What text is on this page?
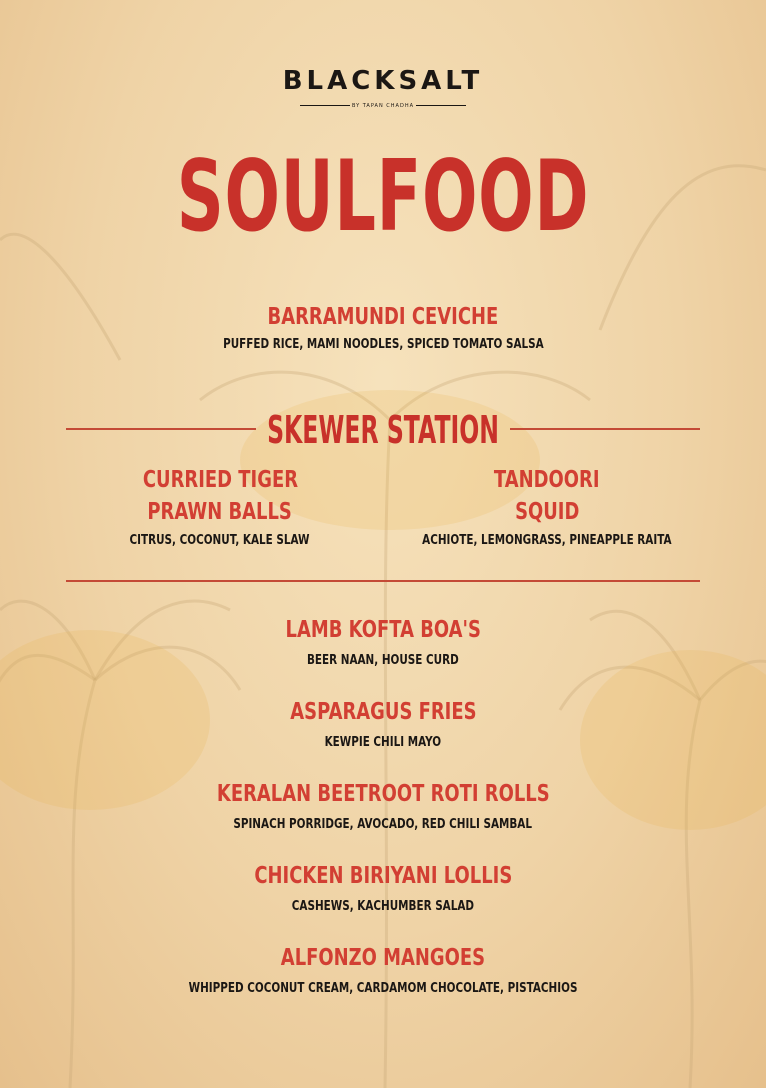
BLACKSALT
BY TAPAN CHADHA
SOULFOOD
BARRAMUNDI CEVICHE
PUFFED RICE, MAMI NOODLES, SPICED TOMATO SALSA
SKEWER STATION
CURRIED TIGER
PRAWN BALLS
CITRUS, COCONUT, KALE SLAW
TANDOORI
SQUID
ACHIOTE, LEMONGRASS, PINEAPPLE RAITA
LAMB KOFTA BOA'S
BEER NAAN, HOUSE CURD
ASPARAGUS FRIES
KEWPIE CHILI MAYO
KERALAN BEETROOT ROTI ROLLS
SPINACH PORRIDGE, AVOCADO, RED CHILI SAMBAL
CHICKEN BIRIYANI LOLLIS
CASHEWS, KACHUMBER SALAD
ALFONZO MANGOES
WHIPPED COCONUT CREAM, CARDAMOM CHOCOLATE, PISTACHIOS
